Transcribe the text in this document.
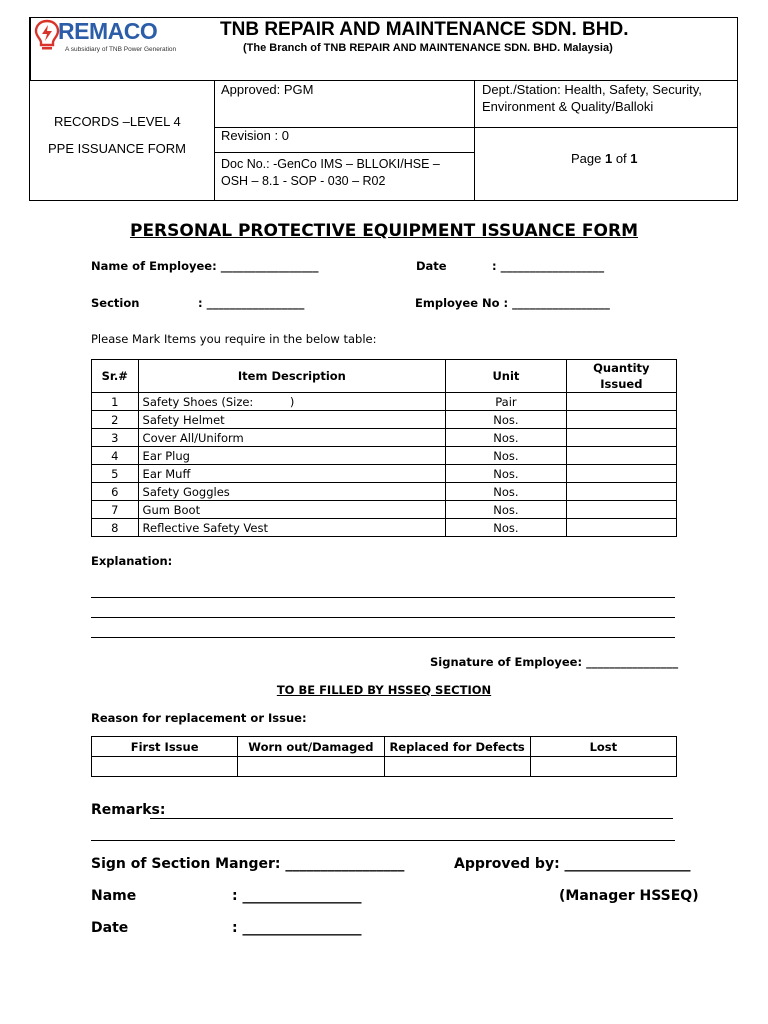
REMACO
A subsidiary of TNB Power Generation
TNB REPAIR AND MAINTENANCE SDN. BHD.
(The Branch of TNB REPAIR AND MAINTENANCE SDN. BHD. Malaysia)
RECORDS –LEVEL 4
PPE ISSUANCE FORM
Approved: PGM
Revision : 0
Doc No.: -GenCo IMS – BLLOKI/HSE –
OSH – 8.1 - SOP - 030 – R02
Dept./Station: Health, Safety, Security,
Environment & Quality/Balloki
Page 1 of 1
PERSONAL PROTECTIVE EQUIPMENT ISSUANCE FORM
Name of Employee: _________________	Date	: __________________
Section	: _________________	Employee No : _________________
Please Mark Items you require in the below table:
Sr.#	Item Description	Unit	Quantity Issued
1	Safety Shoes (Size:          )	Pair	
2	Safety Helmet	Nos.	
3	Cover All/Uniform	Nos.	
4	Ear Plug	Nos.	
5	Ear Muff	Nos.	
6	Safety Goggles	Nos.	
7	Gum Boot	Nos.	
8	Reflective Safety Vest	Nos.	
Explanation:
Signature of Employee: ________________
TO BE FILLED BY HSSEQ SECTION
Reason for replacement or Issue:
First Issue	Worn out/Damaged	Replaced for Defects	Lost

Remarks:
Sign of Section Manger: _________________	Approved by: __________________
Name	: _________________	(Manager HSSEQ)
Date	: _________________
